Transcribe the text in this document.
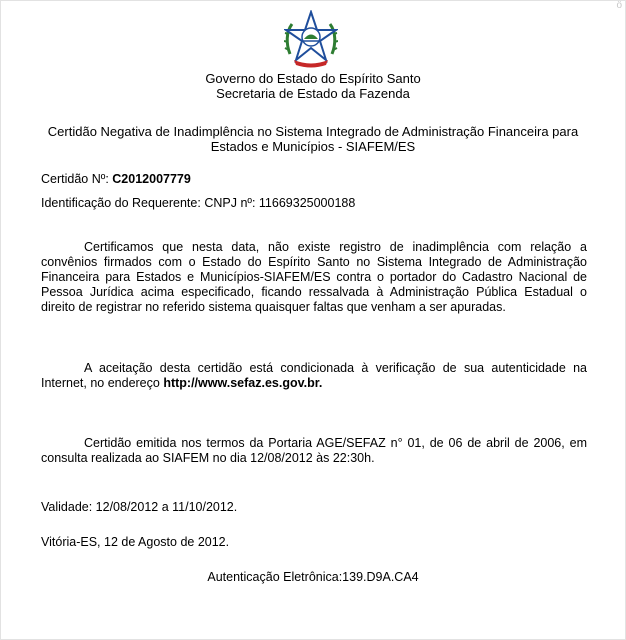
ö
Governo do Estado do Espírito Santo
Secretaria de Estado da Fazenda
Certidão Negativa de Inadimplência no Sistema Integrado de Administração Financeira para Estados e Municípios - SIAFEM/ES
Certidão Nº: C2012007779
Identificação do Requerente: CNPJ nº: 11669325000188

Certificamos que nesta data, não existe registro de inadimplência com relação a convênios firmados com o Estado do Espírito Santo no Sistema Integrado de Administração Financeira para Estados e Municípios-SIAFEM/ES contra o portador do Cadastro Nacional de Pessoa Jurídica acima especificado, ficando ressalvada à Administração Pública Estadual o direito de registrar no referido sistema quaisquer faltas que venham a ser apuradas.

A aceitação desta certidão está condicionada à verificação de sua autenticidade na Internet, no endereço http://www.sefaz.es.gov.br.

Certidão emitida nos termos da Portaria AGE/SEFAZ n° 01, de 06 de abril de 2006, em consulta realizada ao SIAFEM no dia 12/08/2012 às 22:30h.

Validade: 12/08/2012 a 11/10/2012.
Vitória-ES, 12 de Agosto de 2012.
Autenticação Eletrônica:139.D9A.CA4
